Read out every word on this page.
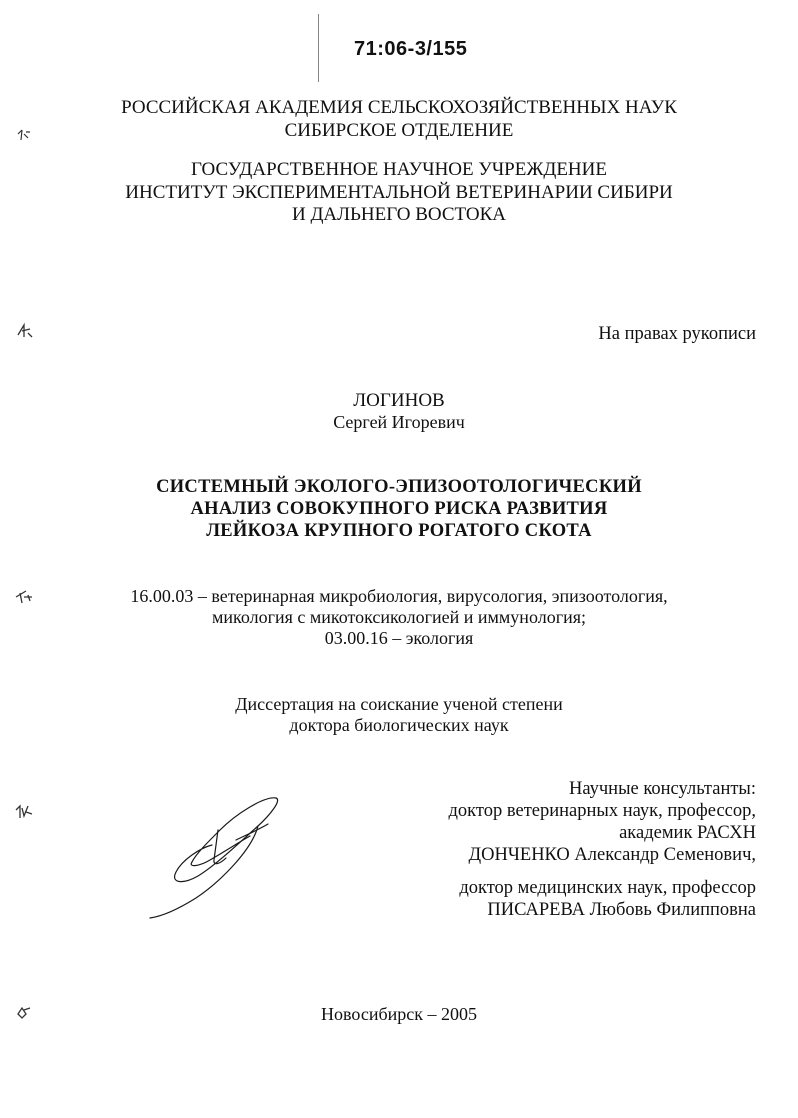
71:06-3/155
РОССИЙСКАЯ АКАДЕМИЯ СЕЛЬСКОХОЗЯЙСТВЕННЫХ НАУК
СИБИРСКОЕ ОТДЕЛЕНИЕ
ГОСУДАРСТВЕННОЕ НАУЧНОЕ УЧРЕЖДЕНИЕ
ИНСТИТУТ ЭКСПЕРИМЕНТАЛЬНОЙ ВЕТЕРИНАРИИ СИБИРИ
И ДАЛЬНЕГО ВОСТОКА
На правах рукописи
ЛОГИНОВ
Сергей Игоревич
СИСТЕМНЫЙ ЭКОЛОГО-ЭПИЗООТОЛОГИЧЕСКИЙ
АНАЛИЗ СОВОКУПНОГО РИСКА РАЗВИТИЯ
ЛЕЙКОЗА КРУПНОГО РОГАТОГО СКОТА
16.00.03 – ветеринарная микробиология, вирусология, эпизоотология,
микология с микотоксикологией и иммунология;
03.00.16 – экология
Диссертация на соискание ученой степени
доктора биологических наук
Научные консультанты:
доктор ветеринарных наук, профессор,
академик РАСХН
ДОНЧЕНКО Александр Семенович,
доктор медицинских наук, профессор
ПИСАРЕВА Любовь Филипповна
Новосибирск – 2005
